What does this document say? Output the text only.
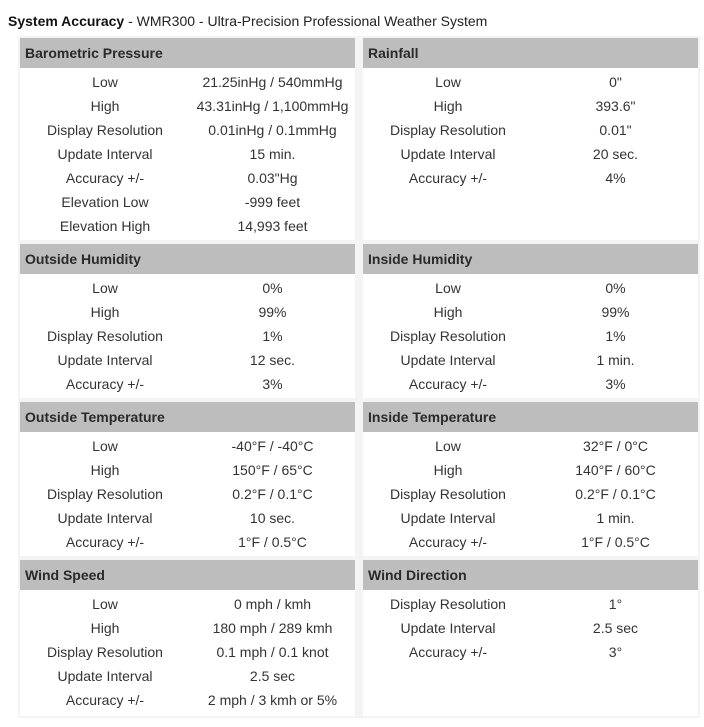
System Accuracy - WMR300 - Ultra-Precision Professional Weather System
Barometric Pressure
Low	21.25inHg / 540mmHg
High	43.31inHg / 1,100mmHg
Display Resolution	0.01inHg / 0.1mmHg
Update Interval	15 min.
Accuracy +/-	0.03"Hg
Elevation Low	-999 feet
Elevation High	14,993 feet
Rainfall
Low	0"
High	393.6"
Display Resolution	0.01"
Update Interval	20 sec.
Accuracy +/-	4%
Outside Humidity
Low	0%
High	99%
Display Resolution	1%
Update Interval	12 sec.
Accuracy +/-	3%
Inside Humidity
Low	0%
High	99%
Display Resolution	1%
Update Interval	1 min.
Accuracy +/-	3%
Outside Temperature
Low	-40°F / -40°C
High	150°F / 65°C
Display Resolution	0.2°F / 0.1°C
Update Interval	10 sec.
Accuracy +/-	1°F / 0.5°C
Inside Temperature
Low	32°F / 0°C
High	140°F / 60°C
Display Resolution	0.2°F / 0.1°C
Update Interval	1 min.
Accuracy +/-	1°F / 0.5°C
Wind Speed
Low	0 mph / kmh
High	180 mph / 289 kmh
Display Resolution	0.1 mph / 0.1 knot
Update Interval	2.5 sec
Accuracy +/-	2 mph / 3 kmh or 5%
Wind Direction
Display Resolution	1°
Update Interval	2.5 sec
Accuracy +/-	3°
